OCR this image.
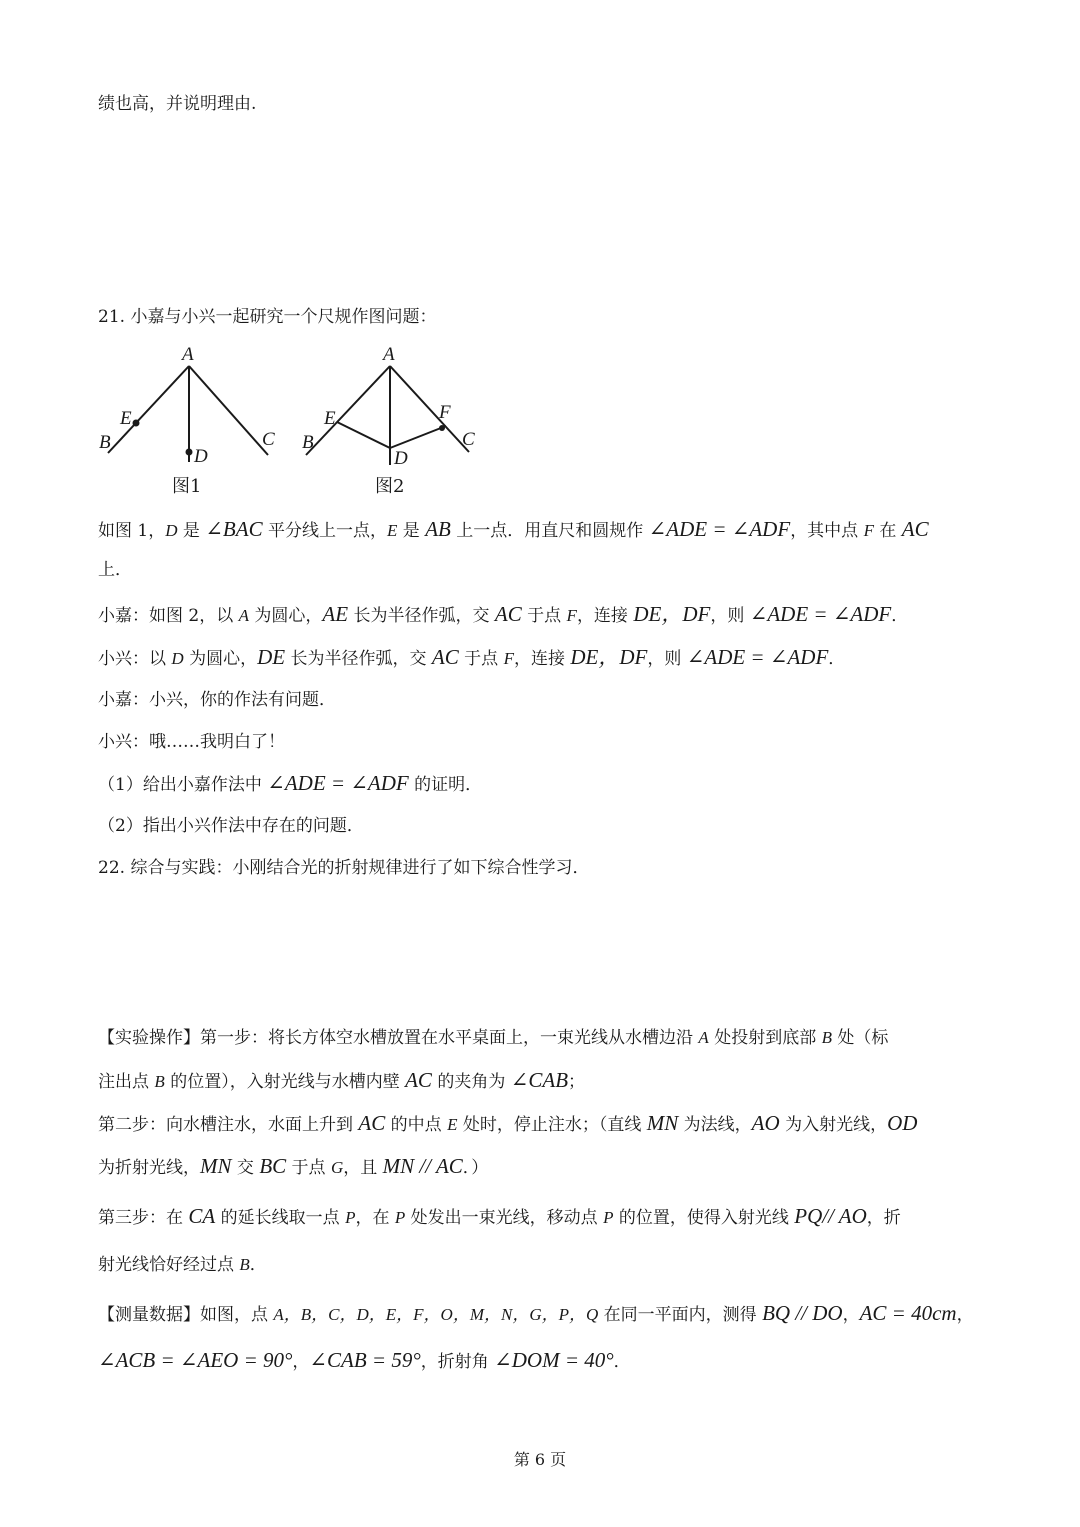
绩也高，并说明理由.
21. 小嘉与小兴一起研究一个尺规作图问题：
A
E
B
D
C
图1
A
E	F
B
D
C
图2
如图 1，D 是 ∠BAC 平分线上一点，E 是 AB 上一点．用直尺和圆规作 ∠ADE = ∠ADF，其中点 F 在 AC
上．
小嘉：如图 2，以 A 为圆心，AE 长为半径作弧，交 AC 于点 F，连接 DE，DF，则 ∠ADE = ∠ADF．
小兴：以 D 为圆心，DE 长为半径作弧，交 AC 于点 F，连接 DE，DF，则 ∠ADE = ∠ADF．
小嘉：小兴，你的作法有问题．
小兴：哦……我明白了！
（1）给出小嘉作法中 ∠ADE = ∠ADF 的证明．
（2）指出小兴作法中存在的问题．
22. 综合与实践：小刚结合光的折射规律进行了如下综合性学习．
【实验操作】第一步：将长方体空水槽放置在水平桌面上，一束光线从水槽边沿 A 处投射到底部 B 处（标
注出点 B 的位置），入射光线与水槽内壁 AC 的夹角为 ∠CAB；
第二步：向水槽注水，水面上升到 AC 的中点 E 处时，停止注水；（直线 MN 为法线，AO 为入射光线，OD
为折射光线，MN 交 BC 于点 G，且 MN // AC．）
第三步：在 CA 的延长线取一点 P，在 P 处发出一束光线，移动点 P 的位置，使得入射光线 PQ// AO，折
射光线恰好经过点 B．
【测量数据】如图，点 A，B，C，D，E，F，O，M，N，G，P，Q 在同一平面内，测得 BQ // DO，AC = 40cm，
∠ACB = ∠AEO = 90°，∠CAB = 59°，折射角 ∠DOM = 40°．
第 6 页
